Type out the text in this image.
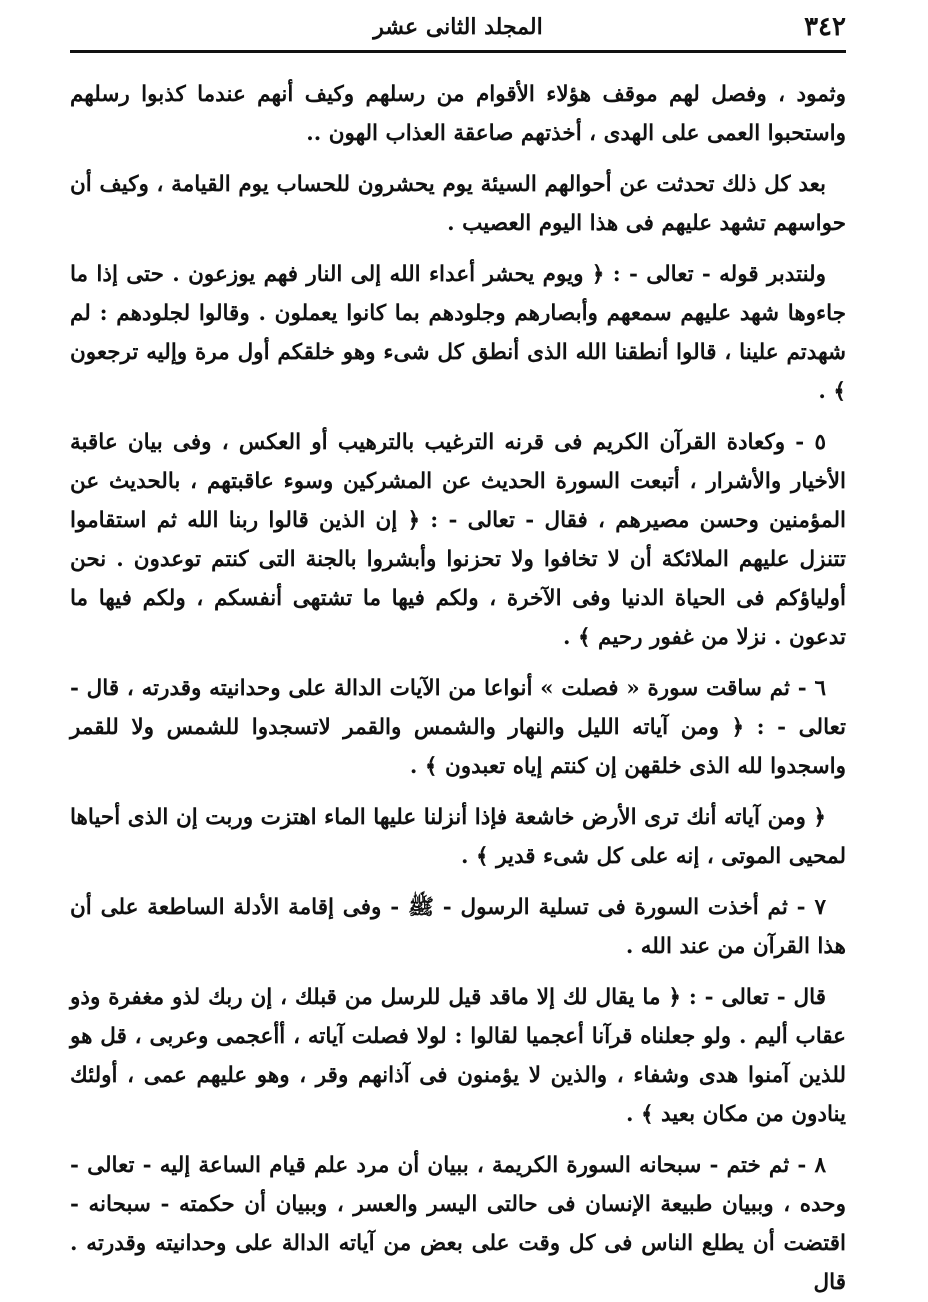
٣٤٢
المجلد الثانى عشر

وثمود ، وفصل لهم موقف هؤلاء الأقوام من رسلهم وكيف أنهم عندما كذبوا رسلهم واستحبوا العمى على الهدى ، أخذتهم صاعقة العذاب الهون ..

بعد كل ذلك تحدثت عن أحوالهم السيئة يوم يحشرون للحساب يوم القيامة ، وكيف أن حواسهم تشهد عليهم فى هذا اليوم العصيب .

ولنتدبر قوله - تعالى - : ﴿ ويوم يحشر أعداء الله إلى النار فهم يوزعون . حتى إذا ما جاءوها شهد عليهم سمعهم وأبصارهم وجلودهم بما كانوا يعملون . وقالوا لجلودهم : لم شهدتم علينا ، قالوا أنطقنا الله الذى أنطق كل شىء وهو خلقكم أول مرة وإليه ترجعون ﴾ .

٥ - وكعادة القرآن الكريم فى قرنه الترغيب بالترهيب أو العكس ، وفى بيان عاقبة الأخيار والأشرار ، أتبعت السورة الحديث عن المشركين وسوء عاقبتهم ، بالحديث عن المؤمنين وحسن مصيرهم ، فقال - تعالى - : ﴿ إن الذين قالوا ربنا الله ثم استقاموا تتنزل عليهم الملائكة أن لا تخافوا ولا تحزنوا وأبشروا بالجنة التى كنتم توعدون . نحن أولياؤكم فى الحياة الدنيا وفى الآخرة ، ولكم فيها ما تشتهى أنفسكم ، ولكم فيها ما تدعون . نزلا من غفور رحيم ﴾ .

٦ - ثم ساقت سورة « فصلت » أنواعا من الآيات الدالة على وحدانيته وقدرته ، قال - تعالى - : ﴿ ومن آياته الليل والنهار والشمس والقمر لاتسجدوا للشمس ولا للقمر واسجدوا لله الذى خلقهن إن كنتم إياه تعبدون ﴾ .

﴿ ومن آياته أنك ترى الأرض خاشعة فإذا أنزلنا عليها الماء اهتزت وربت إن الذى أحياها لمحيى الموتى ، إنه على كل شىء قدير ﴾ .

٧ - ثم أخذت السورة فى تسلية الرسول - ﷺ - وفى إقامة الأدلة الساطعة على أن هذا القرآن من عند الله .

قال - تعالى - : ﴿ ما يقال لك إلا ماقد قيل للرسل من قبلك ، إن ربك لذو مغفرة وذو عقاب أليم . ولو جعلناه قرآنا أعجميا لقالوا : لولا فصلت آياته ، أأعجمى وعربى ، قل هو للذين آمنوا هدى وشفاء ، والذين لا يؤمنون فى آذانهم وقر ، وهو عليهم عمى ، أولئك ينادون من مكان بعيد ﴾ .

٨ - ثم ختم - سبحانه السورة الكريمة ، ببيان أن مرد علم قيام الساعة إليه - تعالى - وحده ، وببيان طبيعة الإنسان فى حالتى اليسر والعسر ، وببيان أن حكمته - سبحانه - اقتضت أن يطلع الناس فى كل وقت على بعض من آياته الدالة على وحدانيته وقدرته . قال
